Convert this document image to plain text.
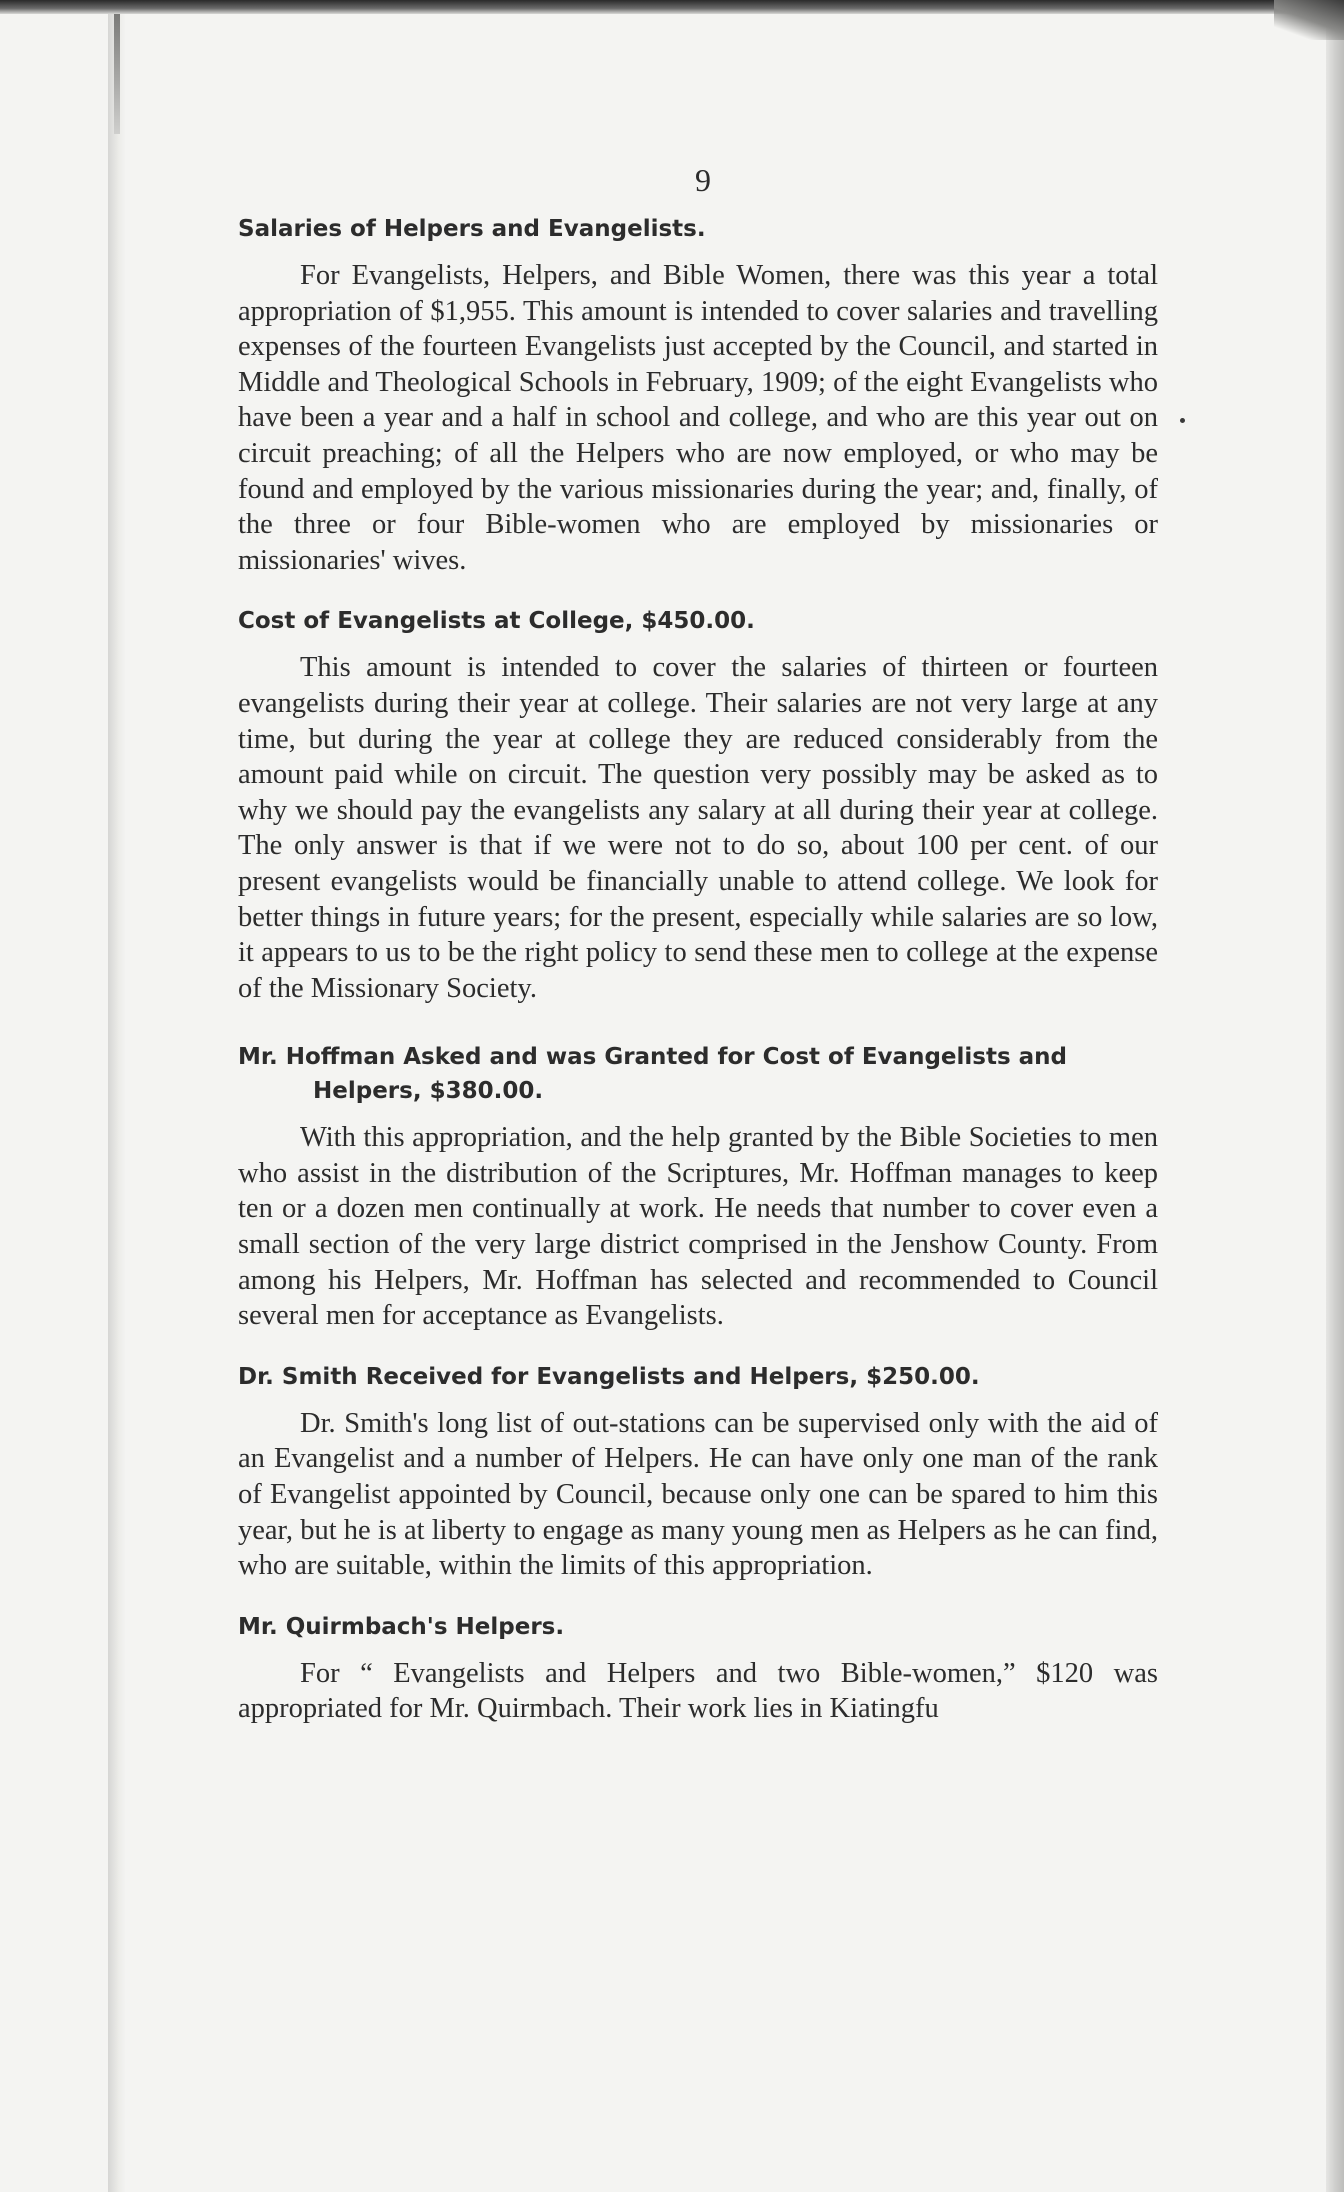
9
Salaries of Helpers and Evangelists.

For Evangelists, Helpers, and Bible Women, there was this year a total appropriation of $1,955. This amount is intended to cover salaries and travelling expenses of the fourteen Evangelists just accepted by the Council, and started in Middle and Theological Schools in February, 1909; of the eight Evangelists who have been a year and a half in school and college, and who are this year out on circuit preaching; of all the Helpers who are now employed, or who may be found and employed by the various missionaries during the year; and, finally, of the three or four Bible-women who are employed by missionaries or missionaries' wives.

Cost of Evangelists at College, $450.00.

This amount is intended to cover the salaries of thirteen or fourteen evangelists during their year at college. Their salaries are not very large at any time, but during the year at college they are reduced considerably from the amount paid while on circuit. The question very possibly may be asked as to why we should pay the evangelists any salary at all during their year at college. The only answer is that if we were not to do so, about 100 per cent. of our present evangelists would be financially unable to attend college. We look for better things in future years; for the present, especially while salaries are so low, it appears to us to be the right policy to send these men to college at the expense of the Missionary Society.

Mr. Hoffman Asked and was Granted for Cost of Evangelists and Helpers, $380.00.

With this appropriation, and the help granted by the Bible Societies to men who assist in the distribution of the Scriptures, Mr. Hoffman manages to keep ten or a dozen men continually at work. He needs that number to cover even a small section of the very large district comprised in the Jenshow County. From among his Helpers, Mr. Hoffman has selected and recommended to Council several men for acceptance as Evangelists.

Dr. Smith Received for Evangelists and Helpers, $250.00.

Dr. Smith's long list of out-stations can be supervised only with the aid of an Evangelist and a number of Helpers. He can have only one man of the rank of Evangelist appointed by Council, because only one can be spared to him this year, but he is at liberty to engage as many young men as Helpers as he can find, who are suitable, within the limits of this appropriation.

Mr. Quirmbach's Helpers.

For “ Evangelists and Helpers and two Bible-women,” $120 was appropriated for Mr. Quirmbach. Their work lies in Kiatingfu
